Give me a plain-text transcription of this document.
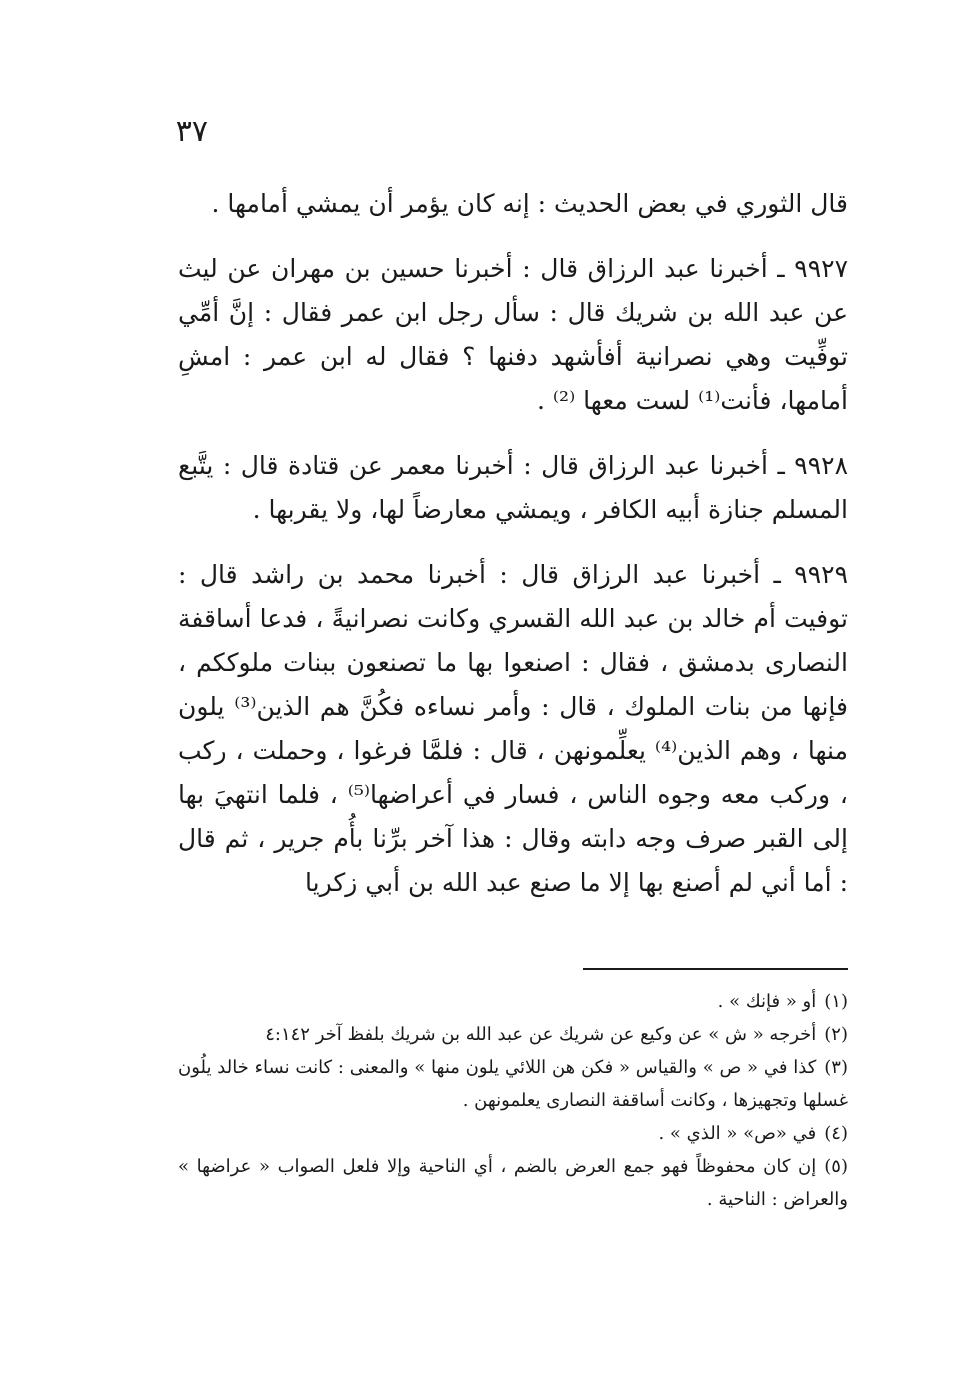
٣٧

قال الثوري في بعض الحديث : إنه كان يؤمر أن يمشي أمامها .

٩٩٢٧ ـ أخبرنا عبد الرزاق قال : أخبرنا حسين بن مهران عن ليث عن عبد الله بن شريك قال : سأل رجل ابن عمر فقال : إنَّ أمِّي توفِّيت وهي نصرانية أفأشهد دفنها ؟ فقال له ابن عمر : امشِ أمامها، فأنت⁽¹⁾ لست معها ⁽²⁾ .

٩٩٢٨ ـ أخبرنا عبد الرزاق قال : أخبرنا معمر عن قتادة قال : يتَّبع المسلم جنازة أبيه الكافر ، ويمشي معارضاً لها، ولا يقربها .

٩٩٢٩ ـ أخبرنا عبد الرزاق قال : أخبرنا محمد بن راشد قال : توفيت أم خالد بن عبد الله القسري وكانت نصرانيةً ، فدعا أساقفة النصارى بدمشق ، فقال : اصنعوا بها ما تصنعون ببنات ملوككم ، فإنها من بنات الملوك ، قال : وأمر نساءه فكُنَّ هم الذين⁽³⁾ يلون منها ، وهم الذين⁽⁴⁾ يعلِّمونهن ، قال : فلمَّا فرغوا ، وحملت ، ركب ، وركب معه وجوه الناس ، فسار في أعراضها⁽⁵⁾ ، فلما انتهيَ بها إلى القبر صرف وجه دابته وقال : هذا آخر برِّنا بأُم جرير ، ثم قال : أما أني لم أصنع بها إلا ما صنع عبد الله بن أبي زكريا

(١)أو « فإنك » .

(٢)أخرجه « ش » عن وكيع عن شريك عن عبد الله بن شريك بلفظ آخر ٤:١٤٢

(٣)كذا في « ص » والقياس « فكن هن اللائي يلون منها » والمعنى : كانت نساء خالد يلُون غسلها وتجهيزها ، وكانت أساقفة النصارى يعلمونهن .

(٤)في «ص» « الذي » .

(٥)إن كان محفوظاً فهو جمع العرض بالضم ، أي الناحية وإلا فلعل الصواب « عراضها » والعراض : الناحية .
